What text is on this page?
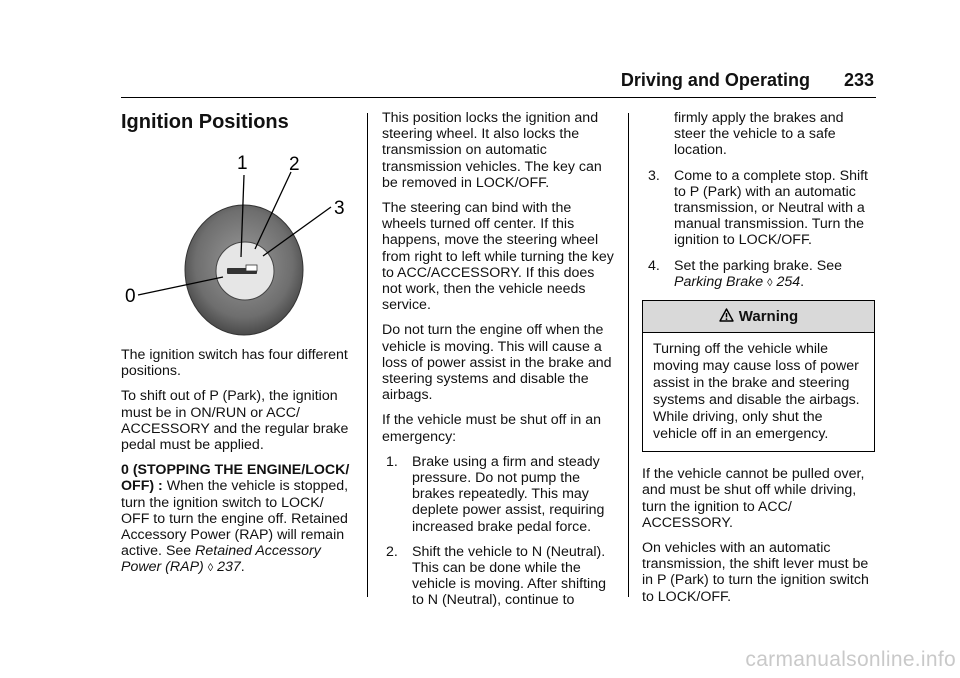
Driving and Operating 233
Ignition Positions
1 2
3
0

The ignition switch has four different positions.

To shift out of P (Park), the ignition must be in ON/RUN or ACC/ ACCESSORY and the regular brake pedal must be applied.

0 (STOPPING THE ENGINE/LOCK/ OFF) : When the vehicle is stopped, turn the ignition switch to LOCK/ OFF to turn the engine off. Retained Accessory Power (RAP) will remain active. See Retained Accessory Power (RAP) ◊ 237.

This position locks the ignition and steering wheel. It also locks the transmission on automatic transmission vehicles. The key can be removed in LOCK/OFF.

The steering can bind with the wheels turned off center. If this happens, move the steering wheel from right to left while turning the key to ACC/ACCESSORY. If this does not work, then the vehicle needs service.

Do not turn the engine off when the vehicle is moving. This will cause a loss of power assist in the brake and steering systems and disable the airbags.

If the vehicle must be shut off in an emergency:

1. Brake using a firm and steady pressure. Do not pump the brakes repeatedly. This may deplete power assist, requiring increased brake pedal force.
2. Shift the vehicle to N (Neutral). This can be done while the vehicle is moving. After shifting to N (Neutral), continue to

firmly apply the brakes and steer the vehicle to a safe location.

3. Come to a complete stop. Shift to P (Park) with an automatic transmission, or Neutral with a manual transmission. Turn the ignition to LOCK/OFF.
4. Set the parking brake. See Parking Brake ◊ 254.
Warning
Turning off the vehicle while moving may cause loss of power assist in the brake and steering systems and disable the airbags. While driving, only shut the vehicle off in an emergency.

If the vehicle cannot be pulled over, and must be shut off while driving, turn the ignition to ACC/ ACCESSORY.

On vehicles with an automatic transmission, the shift lever must be in P (Park) to turn the ignition switch to LOCK/OFF.

carmanualsonline.info
